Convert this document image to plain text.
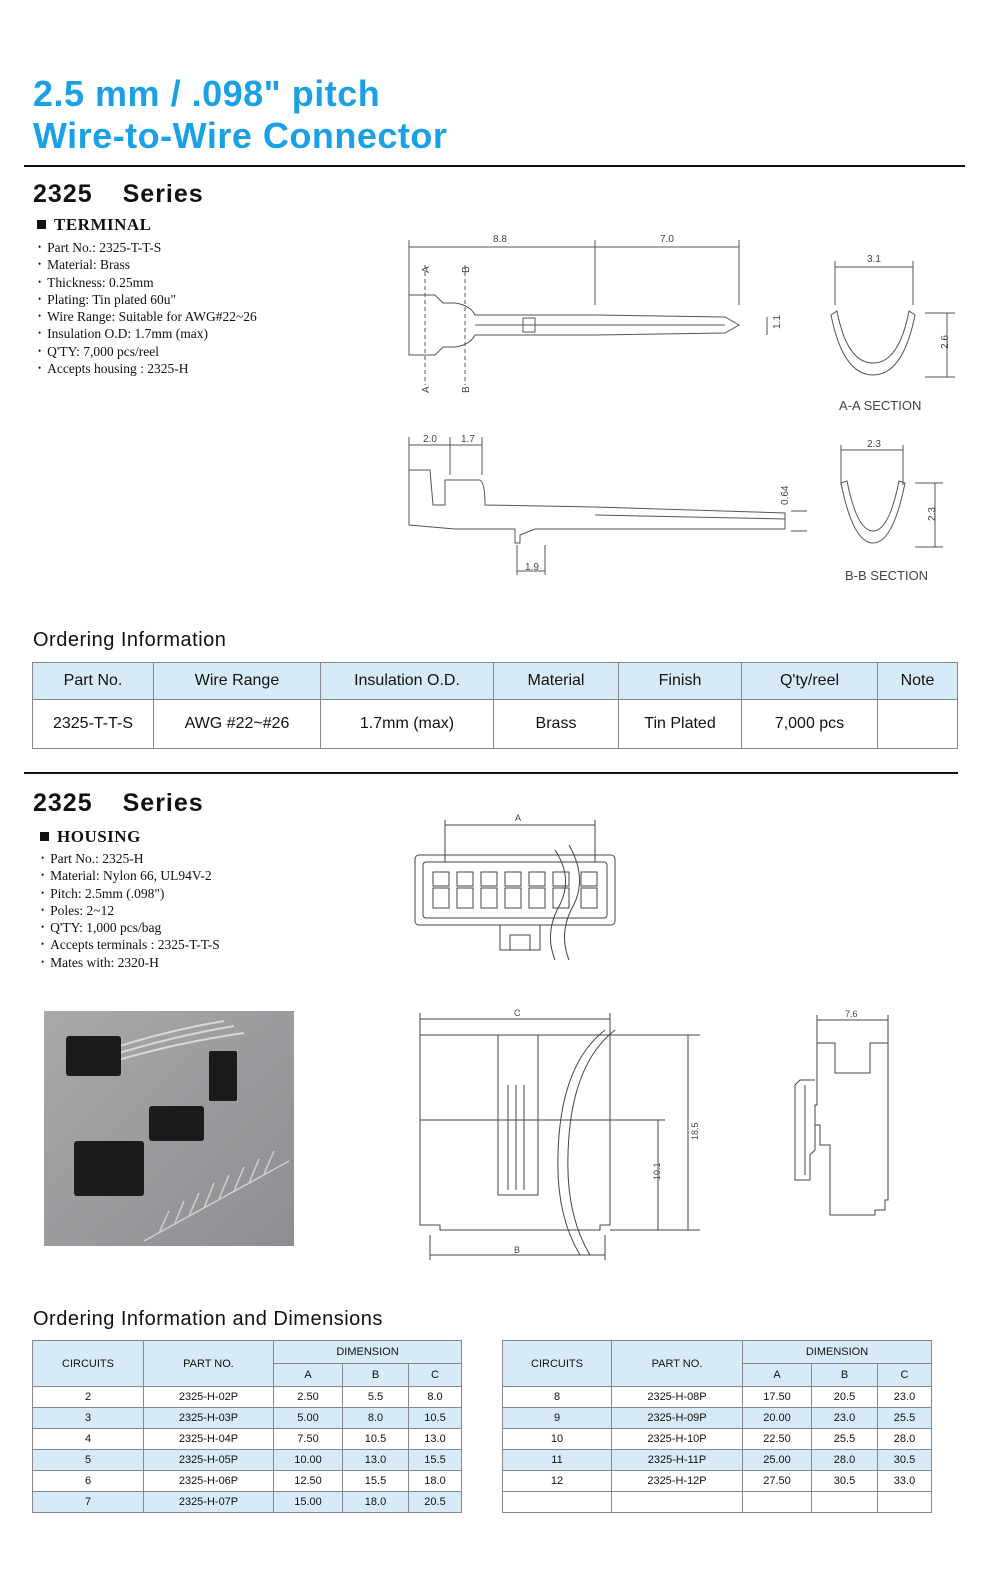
2.5 mm / .098" pitch
Wire-to-Wire Connector
2325 Series
TERMINAL
• Part No.: 2325-T-T-S
• Material: Brass
• Thickness: 0.25mm
• Plating: Tin plated 60u"
• Wire Range: Suitable for AWG#22~26
• Insulation O.D: 1.7mm (max)
• Q'TY: 7,000 pcs/reel
• Accepts housing : 2325-H
8.8	7.0
1.1
A	B
A	B
3.1
2.6
A-A SECTION
2.0 1.7
0.64
1.9
2.3
2.3
B-B SECTION
Ordering Information
Part No.	Wire Range	Insulation O.D.	Material	Finish	Q'ty/reel	Note
2325-T-T-S	AWG #22~#26	1.7mm (max)	Brass	Tin Plated	7,000 pcs	
2325 Series
HOUSING
• Part No.: 2325-H
• Material: Nylon 66, UL94V-2
• Pitch: 2.5mm (.098")
• Poles: 2~12
• Q'TY: 1,000 pcs/bag
• Accepts terminals : 2325-T-T-S
• Mates with: 2320-H
A
C
18.5
10.1
B
7.6
Ordering Information and Dimensions
CIRCUITS	PART NO.	DIMENSION		
		A	B	C
2	2325-H-02P	2.50	5.5	8.0
3	2325-H-03P	5.00	8.0	10.5
4	2325-H-04P	7.50	10.5	13.0
5	2325-H-05P	10.00	13.0	15.5
6	2325-H-06P	12.50	15.5	18.0
7	2325-H-07P	15.00	18.0	20.5
CIRCUITS	PART NO.	DIMENSION		
		A	B	C
8	2325-H-08P	17.50	20.5	23.0
9	2325-H-09P	20.00	23.0	25.5
10	2325-H-10P	22.50	25.5	28.0
11	2325-H-11P	25.00	28.0	30.5
12	2325-H-12P	27.50	30.5	33.0
